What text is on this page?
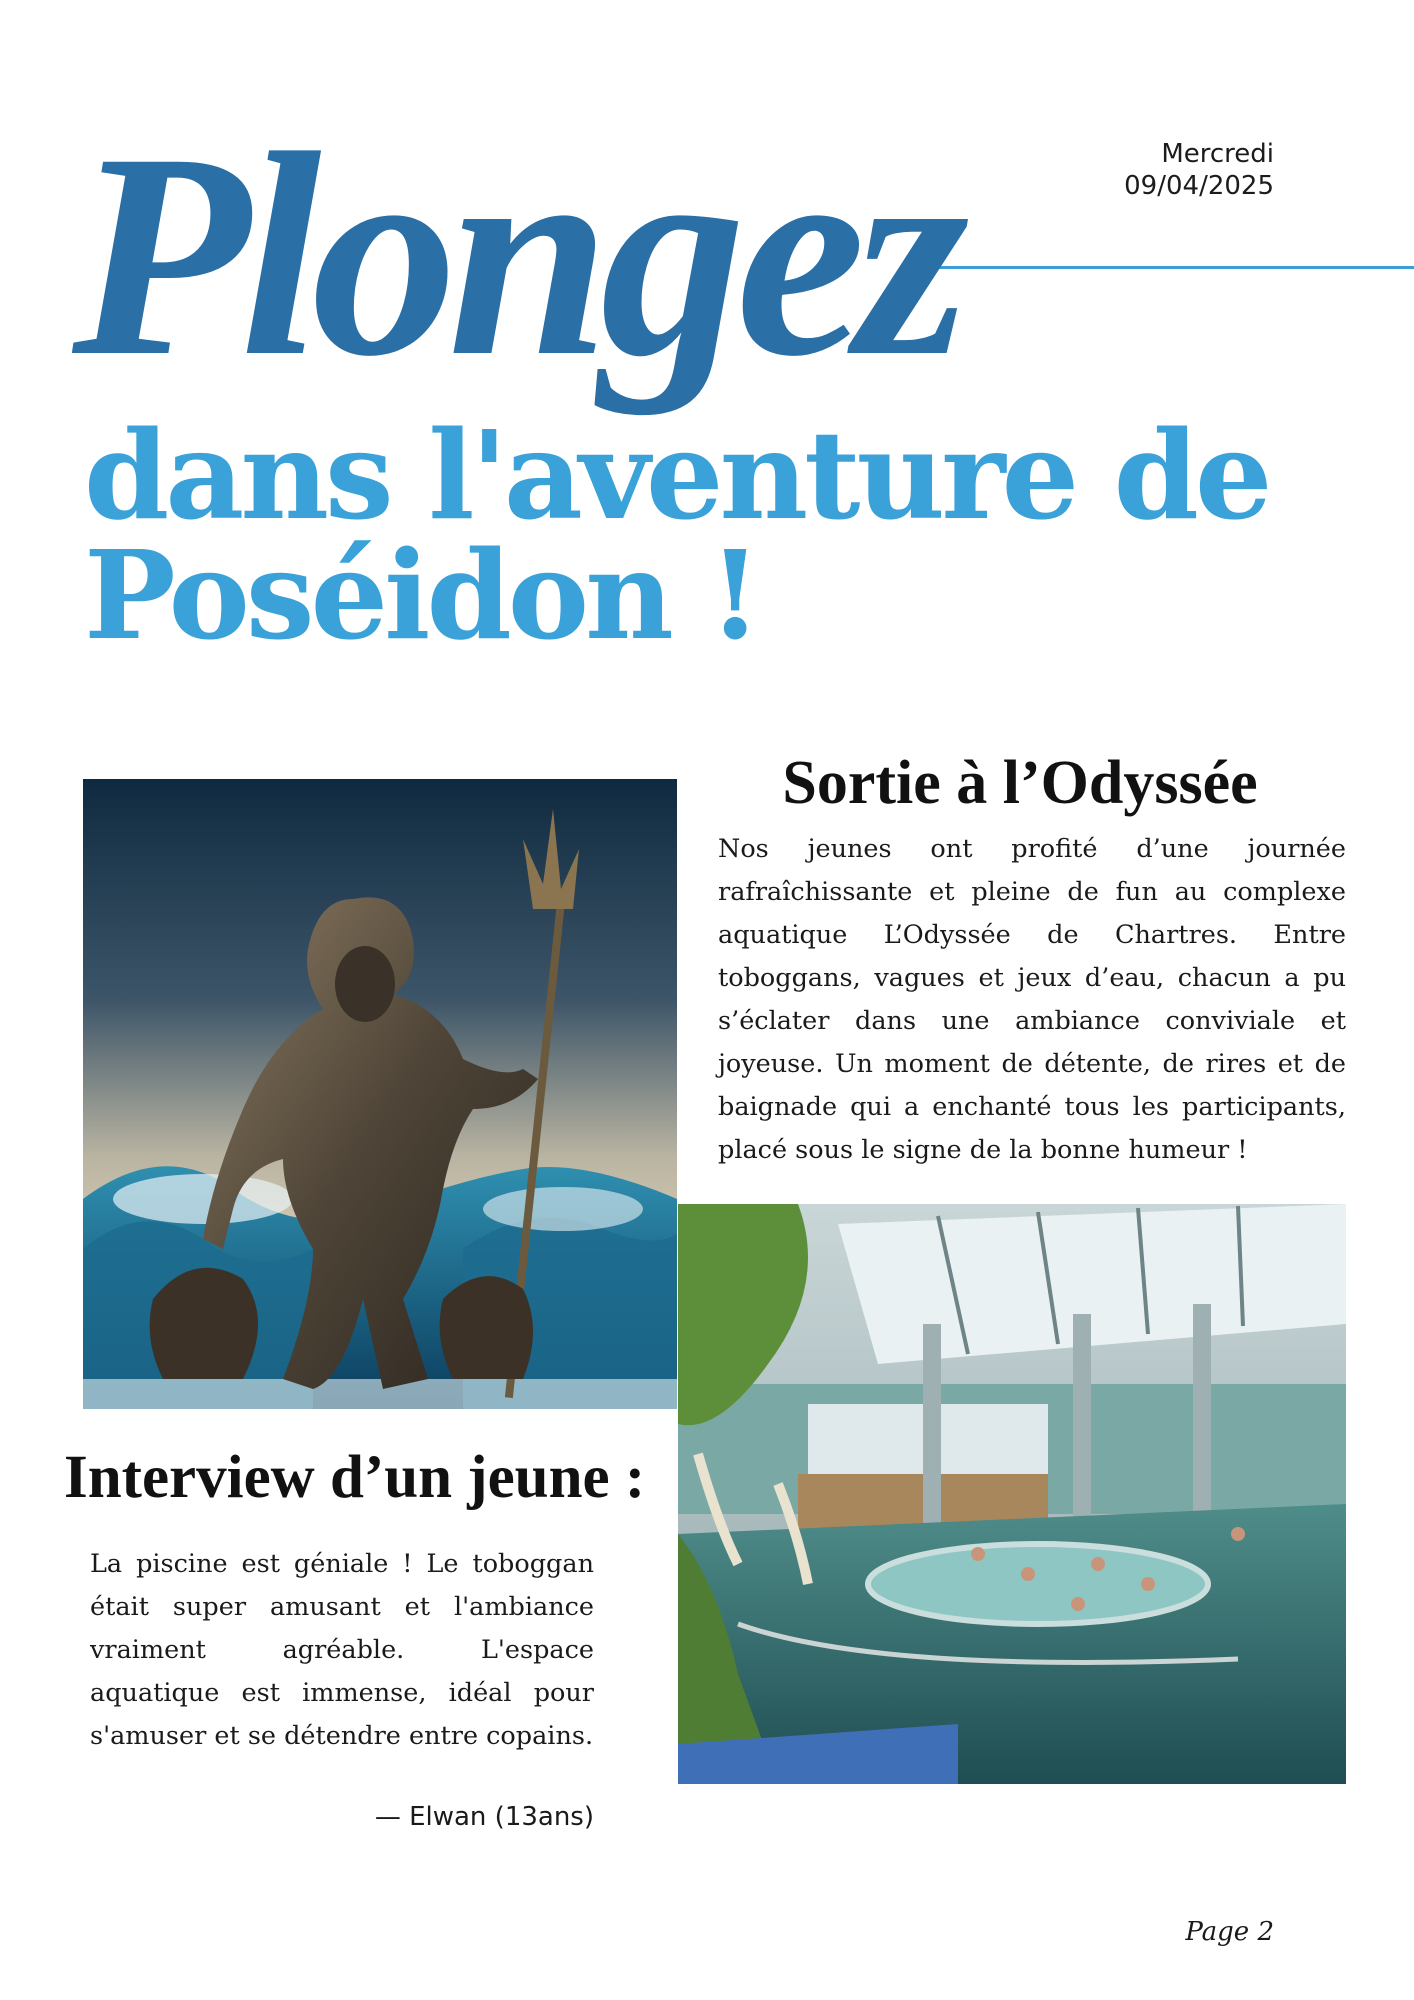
Mercredi
09/04/2025
Plongez
dans l'aventure de
Poséidon !
Sortie à l’Odyssée

Nos jeunes ont profité d’une journée rafraîchissante et pleine de fun au complexe aquatique L’Odyssée de Chartres. Entre toboggans, vagues et jeux d’eau, chacun a pu s’éclater dans une ambiance conviviale et joyeuse. Un moment de détente, de rires et de baignade qui a enchanté tous les participants, placé sous le signe de la bonne humeur !

Interview d’un jeune :

La piscine est géniale ! Le toboggan était super amusant et l'ambiance vraiment agréable. L'espace aquatique est immense, idéal pour s'amuser et se détendre entre copains.

— Elwan (13ans)
Page 2
